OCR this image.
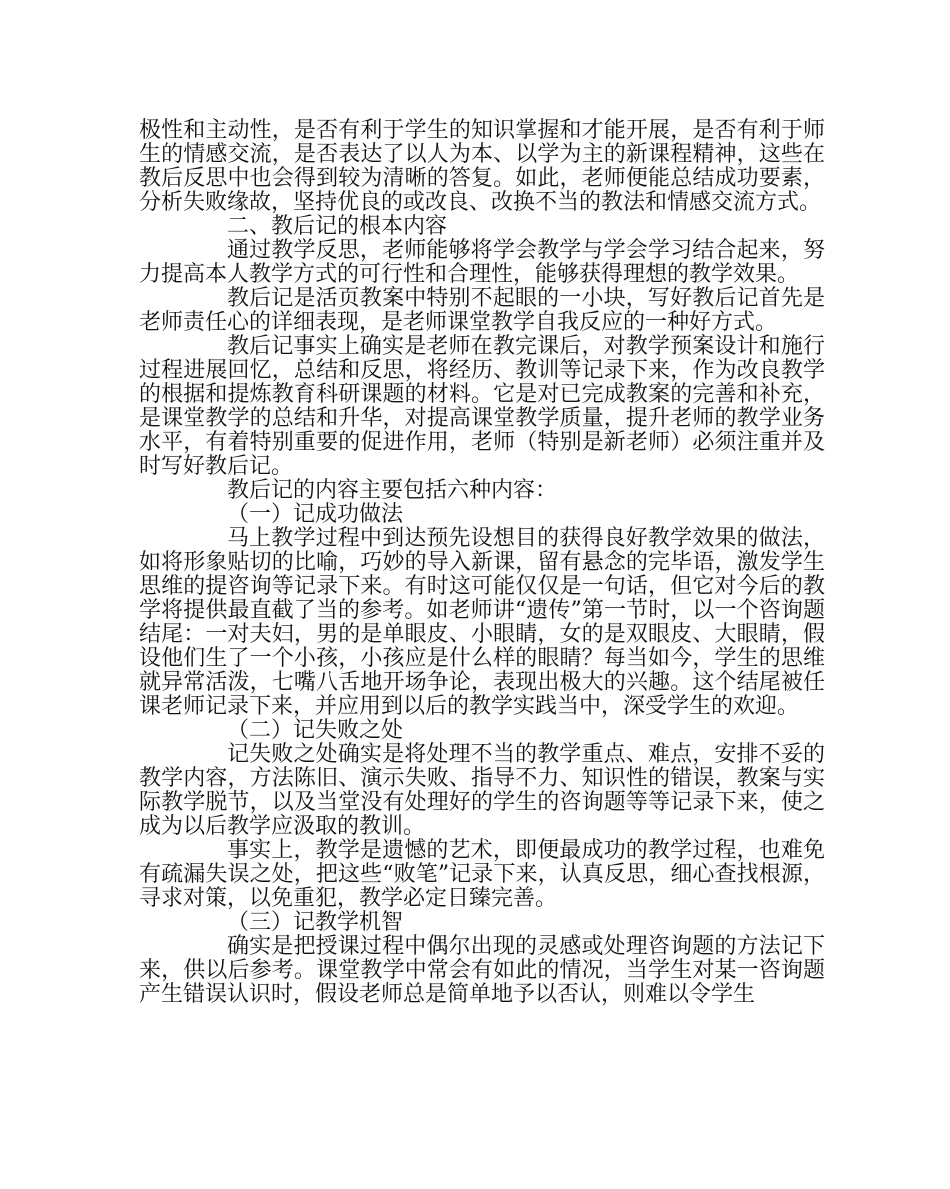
极性和主动性，是否有利于学生的知识掌握和才能开展，是否有利于师生的情感交流，是否表达了以人为本、以学为主的新课程精神，这些在教后反思中也会得到较为清晰的答复。如此，老师便能总结成功要素，分析失败缘故，坚持优良的或改良、改换不当的教法和情感交流方式。

二、教后记的根本内容

通过教学反思，老师能够将学会教学与学会学习结合起来，努力提高本人教学方式的可行性和合理性，能够获得理想的教学效果。

教后记是活页教案中特别不起眼的一小块，写好教后记首先是老师责任心的详细表现，是老师课堂教学自我反应的一种好方式。

教后记事实上确实是老师在教完课后，对教学预案设计和施行过程进展回忆，总结和反思，将经历、教训等记录下来，作为改良教学的根据和提炼教育科研课题的材料。它是对已完成教案的完善和补充，是课堂教学的总结和升华，对提高课堂教学质量，提升老师的教学业务水平，有着特别重要的促进作用，老师（特别是新老师）必须注重并及时写好教后记。

教后记的内容主要包括六种内容：

（一）记成功做法

马上教学过程中到达预先设想目的获得良好教学效果的做法，如将形象贴切的比喻，巧妙的导入新课，留有悬念的完毕语，激发学生思维的提咨询等记录下来。有时这可能仅仅是一句话，但它对今后的教学将提供最直截了当的参考。如老师讲“遗传”第一节时，以一个咨询题结尾：一对夫妇，男的是单眼皮、小眼睛，女的是双眼皮、大眼睛，假设他们生了一个小孩，小孩应是什么样的眼睛？每当如今，学生的思维就异常活泼，七嘴八舌地开场争论，表现出极大的兴趣。这个结尾被任课老师记录下来，并应用到以后的教学实践当中，深受学生的欢迎。

（二）记失败之处

记失败之处确实是将处理不当的教学重点、难点，安排不妥的教学内容，方法陈旧、演示失败、指导不力、知识性的错误，教案与实际教学脱节，以及当堂没有处理好的学生的咨询题等等记录下来，使之成为以后教学应汲取的教训。

事实上，教学是遗憾的艺术，即便最成功的教学过程，也难免有疏漏失误之处，把这些“败笔”记录下来，认真反思，细心查找根源，寻求对策，以免重犯，教学必定日臻完善。

（三）记教学机智

确实是把授课过程中偶尔出现的灵感或处理咨询题的方法记下来，供以后参考。课堂教学中常会有如此的情况，当学生对某一咨询题产生错误认识时，假设老师总是简单地予以否认，则难以令学生
